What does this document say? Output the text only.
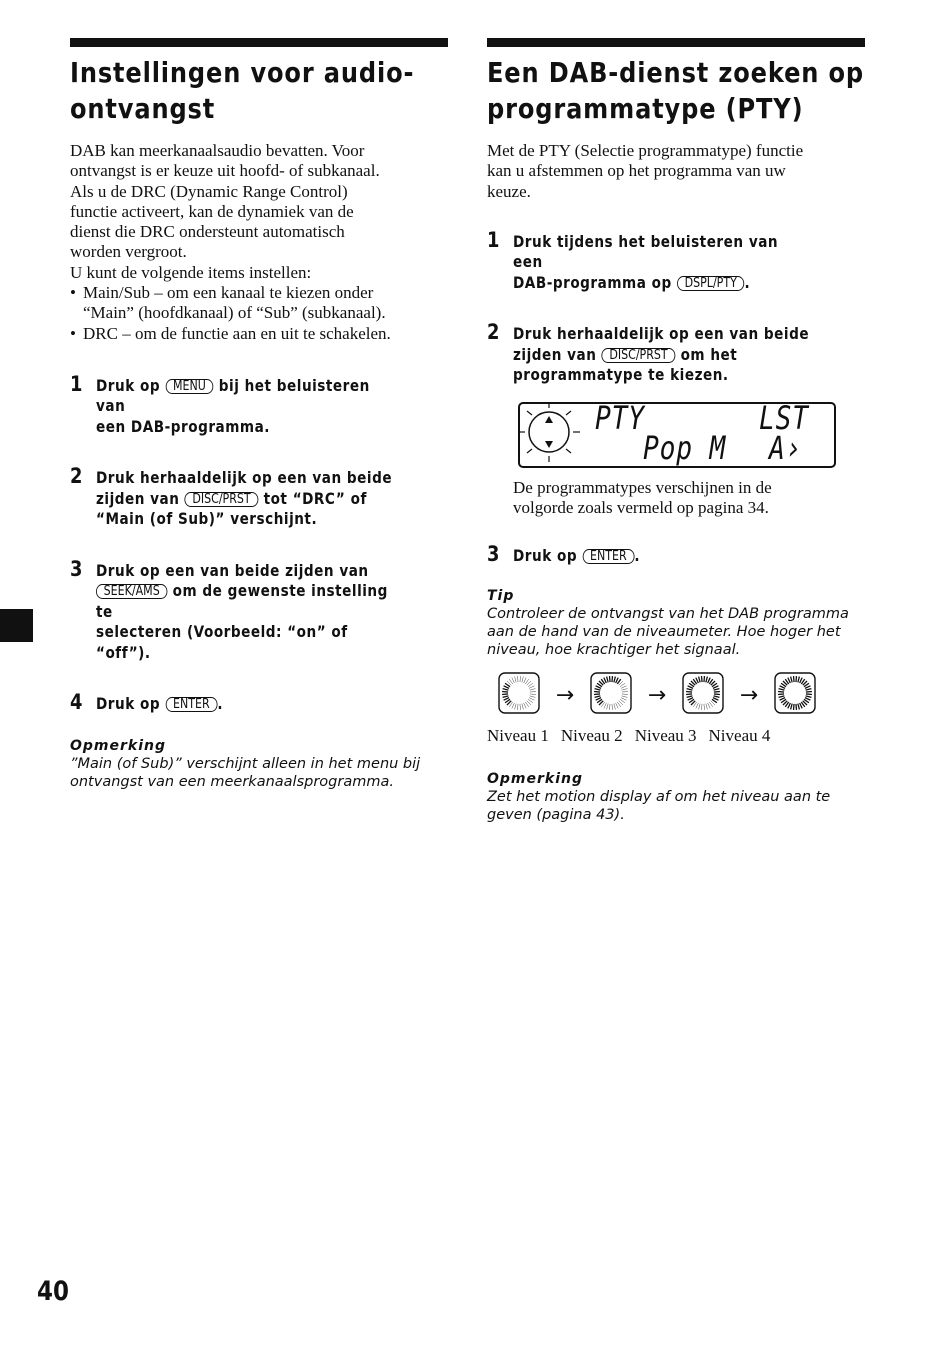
Instellingen voor audio-
ontvangst

DAB kan meerkanaalsaudio bevatten. Voor

ontvangst is er keuze uit hoofd- of subkanaal.

Als u de DRC (Dynamic Range Control)

functie activeert, kan de dynamiek van de

dienst die DRC ondersteunt automatisch

worden vergroot.

U kunt de volgende items instellen:

• Main/Sub – om een kanaal te kiezen onder
“Main” (hoofdkanaal) of “Sub” (subkanaal).
• DRC – om de functie aan en uit te schakelen.
1 Druk op MENU bij het beluisteren van
een DAB-programma.
2 Druk herhaaldelijk op een van beide
zijden van DISC/PRST tot “DRC” of
“Main (of Sub)” verschijnt.
3 Druk op een van beide zijden van
SEEK/AMS om de gewenste instelling te
selecteren (Voorbeeld: “on” of “off”).
4 Druk op ENTER .
Opmerking
”Main (of Sub)” verschijnt alleen in het menu bij
ontvangst van een meerkanaalsprogramma.
Een DAB-dienst zoeken op
programmatype (PTY)

Met de PTY (Selectie programmatype) functie

kan u afstemmen op het programma van uw

keuze.

1 Druk tijdens het beluisteren van een
DAB-programma op DSPL/PTY .
2 Druk herhaaldelijk op een van beide
zijden van DISC/PRST om het
programmatype te kiezen.
PTY	LST
Pop M A›

De programmatypes verschijnen in de

volgorde zoals vermeld op pagina 34.

3 Druk op ENTER .
Tip
Controleer de ontvangst van het DAB programma
aan de hand van de niveaumeter. Hoe hoger het
niveau, hoe krachtiger het signaal.
→	→	→
Niveau 1 Niveau 2 Niveau 3 Niveau 4
Opmerking
Zet het motion display af om het niveau aan te
geven (pagina 43).
40
